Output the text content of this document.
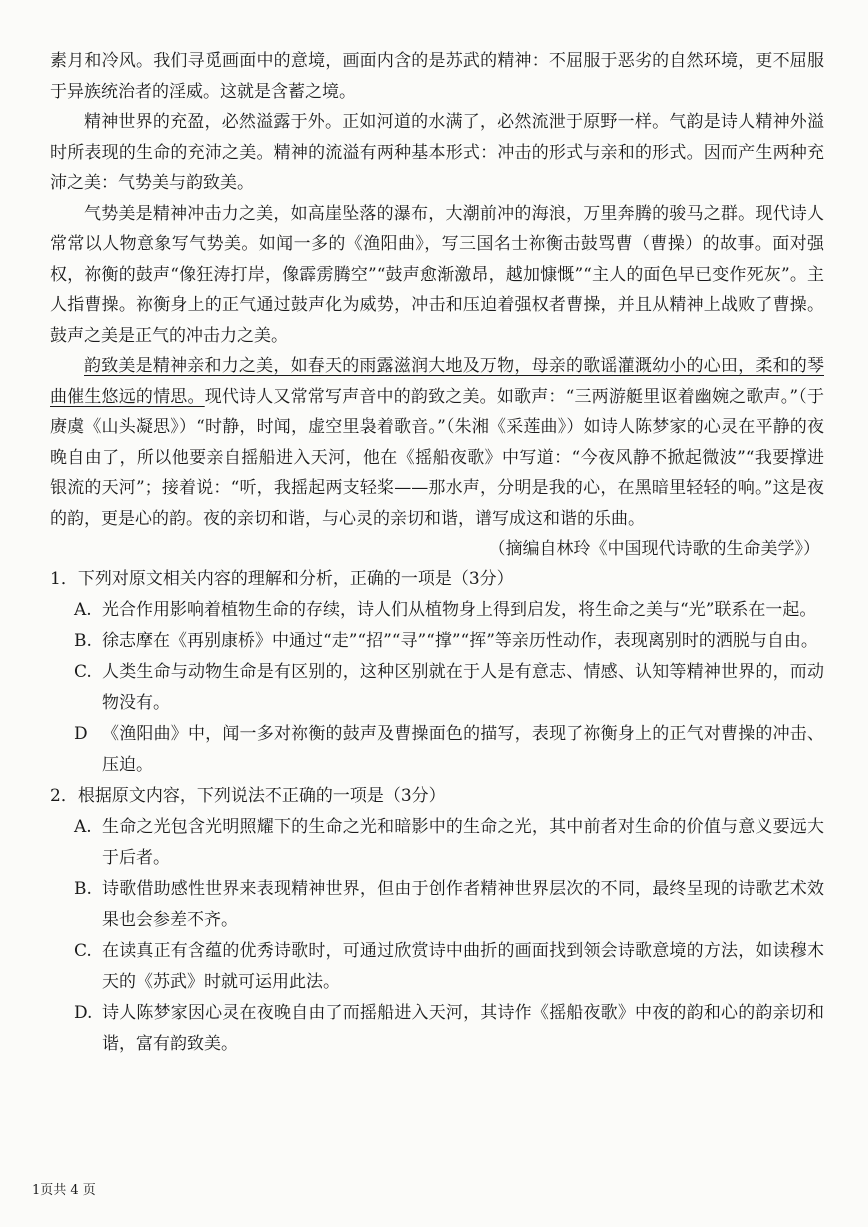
素月和冷风。我们寻觅画面中的意境，画面内含的是苏武的精神：不屈服于恶劣的自然环境，更不屈服于异族统治者的淫威。这就是含蓄之境。

精神世界的充盈，必然溢露于外。正如河道的水满了，必然流泄于原野一样。气韵是诗人精神外溢时所表现的生命的充沛之美。精神的流溢有两种基本形式：冲击的形式与亲和的形式。因而产生两种充沛之美：气势美与韵致美。

气势美是精神冲击力之美，如高崖坠落的瀑布，大潮前冲的海浪，万里奔腾的骏马之群。现代诗人常常以人物意象写气势美。如闻一多的《渔阳曲》，写三国名士祢衡击鼓骂曹（曹操）的故事。面对强权，祢衡的鼓声“像狂涛打岸，像霹雳腾空”“鼓声愈渐激昂，越加慷慨”“主人的面色早已变作死灰”。主人指曹操。祢衡身上的正气通过鼓声化为威势，冲击和压迫着强权者曹操，并且从精神上战败了曹操。鼓声之美是正气的冲击力之美。

韵致美是精神亲和力之美，如春天的雨露滋润大地及万物，母亲的歌谣灌溉幼小的心田，柔和的琴曲催生悠远的情思。现代诗人又常常写声音中的韵致之美。如歌声：“三两游艇里讴着幽婉之歌声。”（于赓虞《山头凝思》）“时静，时闻，虚空里袅着歌音。”（朱湘《采莲曲》）如诗人陈梦家的心灵在平静的夜晚自由了，所以他要亲自摇船进入天河，他在《摇船夜歌》中写道：“今夜风静不掀起微波”“我要撑进银流的天河”；接着说：“听，我摇起两支轻桨——那水声，分明是我的心，在黑暗里轻轻的响。”这是夜的韵，更是心的韵。夜的亲切和谐，与心灵的亲切和谐，谱写成这和谐的乐曲。

（摘编自林玲《中国现代诗歌的生命美学》）

1．下列对原文相关内容的理解和分析，正确的一项是（3分）

A. 光合作用影响着植物生命的存续，诗人们从植物身上得到启发，将生命之美与“光”联系在一起。
B. 徐志摩在《再别康桥》中通过“走”“招”“寻”“撑”“挥”等亲历性动作，表现离别时的洒脱与自由。
C. 人类生命与动物生命是有区别的，这种区别就在于人是有意志、情感、认知等精神世界的，而动物没有。
D 《渔阳曲》中，闻一多对祢衡的鼓声及曹操面色的描写，表现了祢衡身上的正气对曹操的冲击、压迫。

2．根据原文内容，下列说法不正确的一项是（3分）

A. 生命之光包含光明照耀下的生命之光和暗影中的生命之光，其中前者对生命的价值与意义要远大于后者。
B. 诗歌借助感性世界来表现精神世界，但由于创作者精神世界层次的不同，最终呈现的诗歌艺术效果也会参差不齐。
C. 在读真正有含蕴的优秀诗歌时，可通过欣赏诗中曲折的画面找到领会诗歌意境的方法，如读穆木天的《苏武》时就可运用此法。
D. 诗人陈梦家因心灵在夜晚自由了而摇船进入天河，其诗作《摇船夜歌》中夜的韵和心的韵亲切和谐，富有韵致美。
1页共 4 页
